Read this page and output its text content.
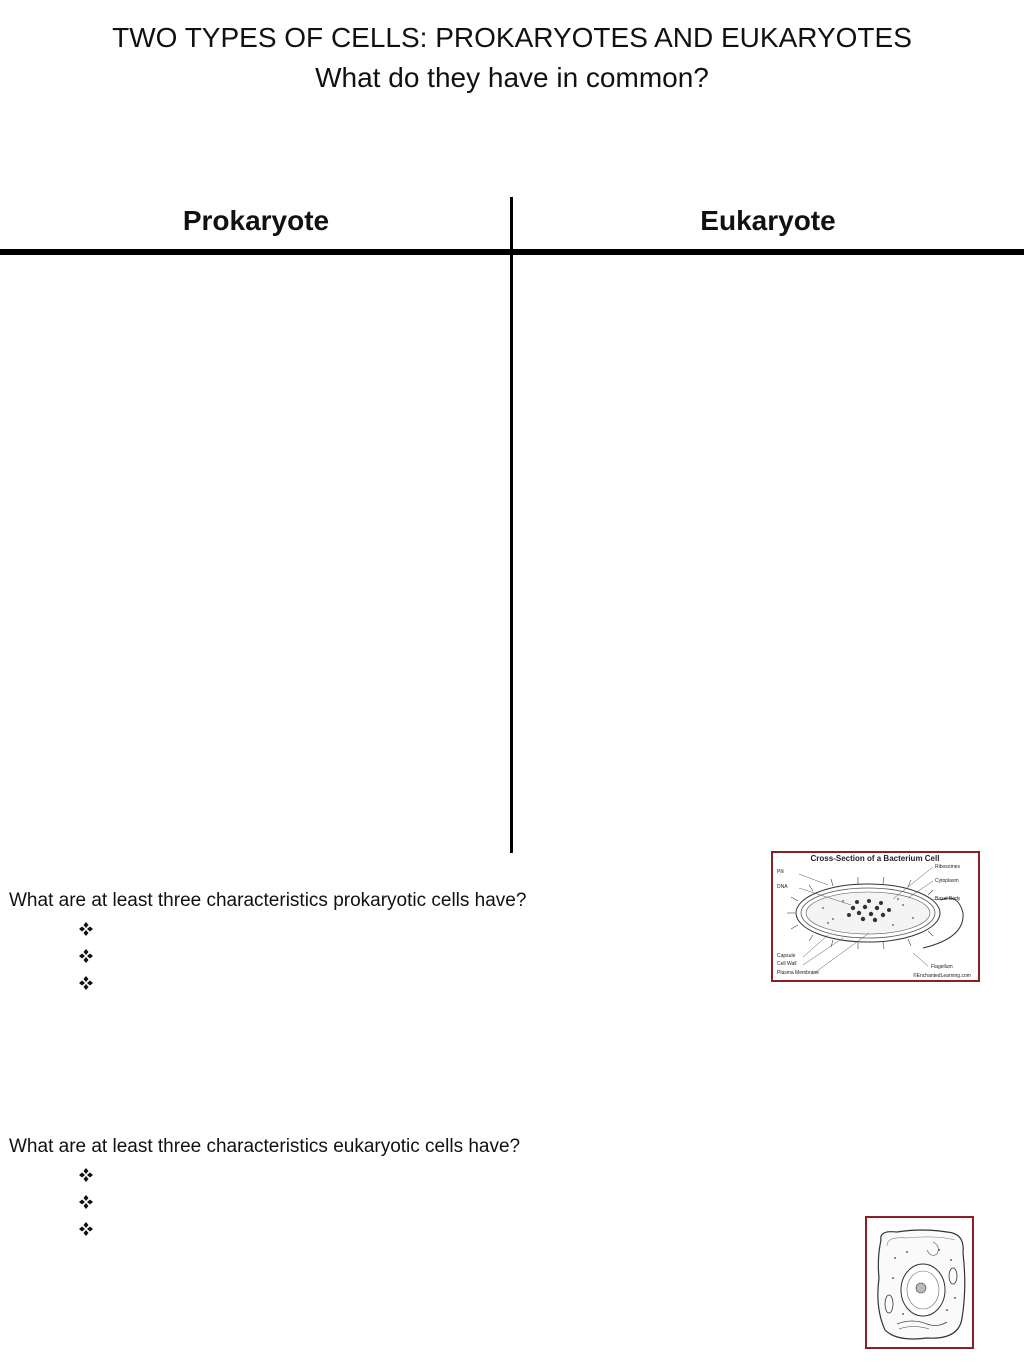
TWO TYPES OF CELLS: PROKARYOTES AND EUKARYOTES

What do they have in common?

Prokaryote	Eukaryote

What are at least three characteristics prokaryotic cells have?

What are at least three characteristics eukaryotic cells have?

Cross-Section of a Bacterium Cell
Pili
DNA
Capsule
Cell Wall
Plasma Membrane
Ribosomes
Cytoplasm
Basal Body
Flagellum
©EnchantedLearning.com
